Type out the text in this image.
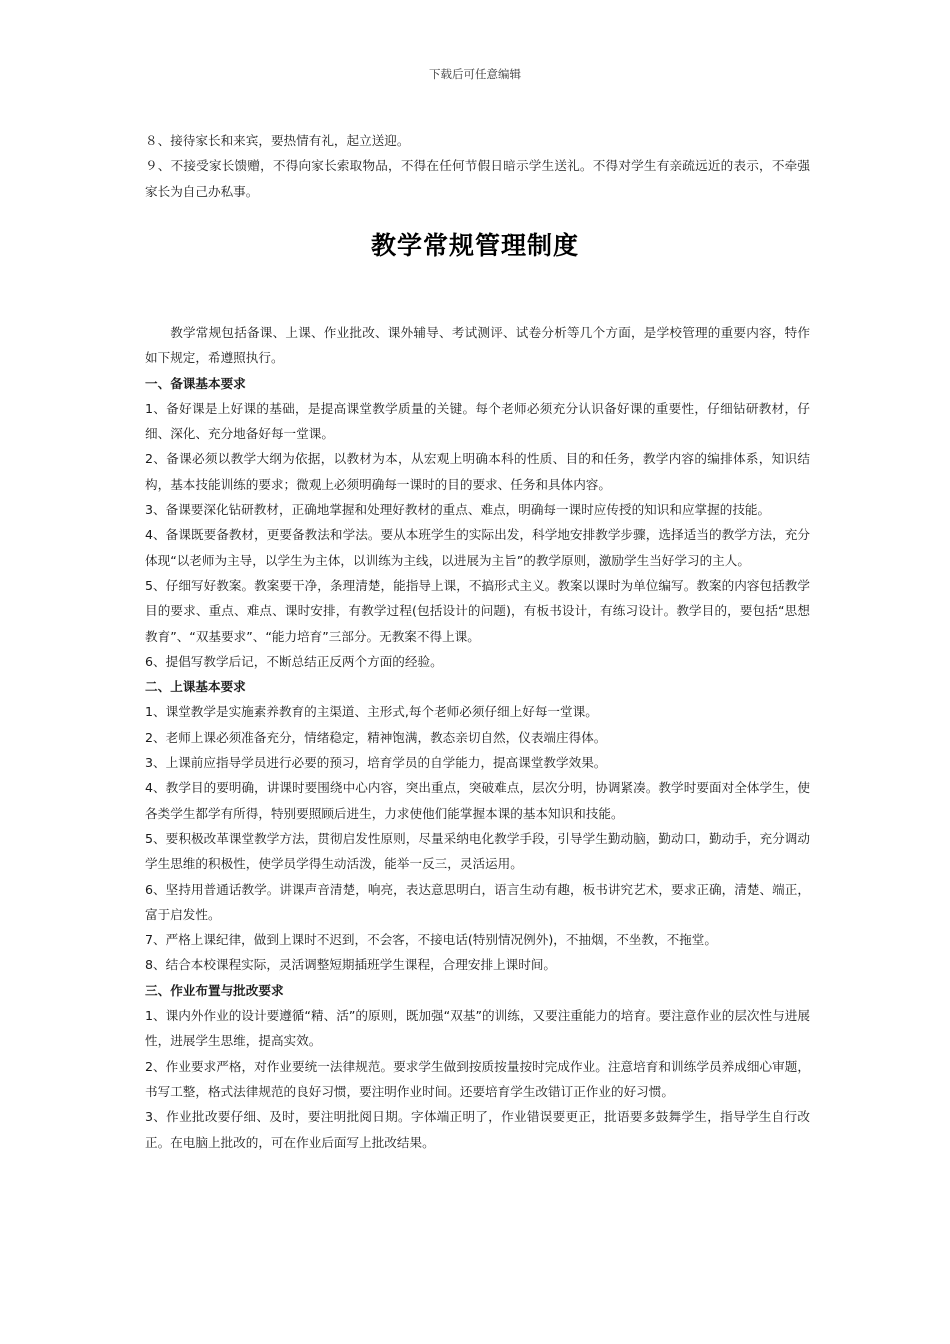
下载后可任意编辑

８、接待家长和来宾，要热情有礼，起立送迎。

９、不接受家长馈赠，不得向家长索取物品，不得在任何节假日暗示学生送礼。不得对学生有亲疏远近的表示，不牵强家长为自己办私事。

教学常规管理制度

教学常规包括备课、上课、作业批改、课外辅导、考试测评、试卷分析等几个方面，是学校管理的重要内容，特作如下规定，希遵照执行。

一、备课基本要求

1、备好课是上好课的基础，是提高课堂教学质量的关键。每个老师必须充分认识备好课的重要性，仔细钻研教材，仔细、深化、充分地备好每一堂课。

2、备课必须以教学大纲为依据，以教材为本，从宏观上明确本科的性质、目的和任务，教学内容的编排体系，知识结构，基本技能训练的要求；微观上必须明确每一课时的目的要求、任务和具体内容。

3、备课要深化钻研教材，正确地掌握和处理好教材的重点、难点，明确每一课时应传授的知识和应掌握的技能。

4、备课既要备教材，更要备教法和学法。要从本班学生的实际出发，科学地安排教学步骤，选择适当的教学方法，充分体现“以老师为主导，以学生为主体，以训练为主线，以进展为主旨”的教学原则，激励学生当好学习的主人。

5、仔细写好教案。教案要干净，条理清楚，能指导上课，不搞形式主义。教案以课时为单位编写。教案的内容包括教学目的要求、重点、难点、课时安排，有教学过程(包括设计的问题)，有板书设计，有练习设计。教学目的，要包括“思想教育”、“双基要求”、“能力培育”三部分。无教案不得上课。

6、提倡写教学后记，不断总结正反两个方面的经验。

二、上课基本要求

1、课堂教学是实施素养教育的主渠道、主形式,每个老师必须仔细上好每一堂课。

2、老师上课必须准备充分，情绪稳定，精神饱满，教态亲切自然，仪表端庄得体。

3、上课前应指导学员进行必要的预习，培育学员的自学能力，提高课堂教学效果。

4、教学目的要明确，讲课时要围绕中心内容，突出重点，突破难点，层次分明，协调紧凑。教学时要面对全体学生，使各类学生都学有所得，特别要照顾后进生，力求使他们能掌握本课的基本知识和技能。

5、要积极改革课堂教学方法，贯彻启发性原则，尽量采纳电化教学手段，引导学生勤动脑，勤动口，勤动手，充分调动学生思维的积极性，使学员学得生动活泼，能举一反三，灵活运用。

6、坚持用普通话教学。讲课声音清楚，响亮，表达意思明白，语言生动有趣，板书讲究艺术，要求正确，清楚、端正，富于启发性。

7、严格上课纪律，做到上课时不迟到，不会客，不接电话(特别情况例外)，不抽烟，不坐教，不拖堂。

8、结合本校课程实际，灵活调整短期插班学生课程，合理安排上课时间。

三、作业布置与批改要求

1、课内外作业的设计要遵循“精、活”的原则，既加强“双基”的训练，又要注重能力的培育。要注意作业的层次性与进展性，进展学生思维，提高实效。

2、作业要求严格，对作业要统一法律规范。要求学生做到按质按量按时完成作业。注意培育和训练学员养成细心审题，书写工整，格式法律规范的良好习惯，要注明作业时间。还要培育学生改错订正作业的好习惯。

3、作业批改要仔细、及时，要注明批阅日期。字体端正明了，作业错误要更正，批语要多鼓舞学生，指导学生自行改正。在电脑上批改的，可在作业后面写上批改结果。
